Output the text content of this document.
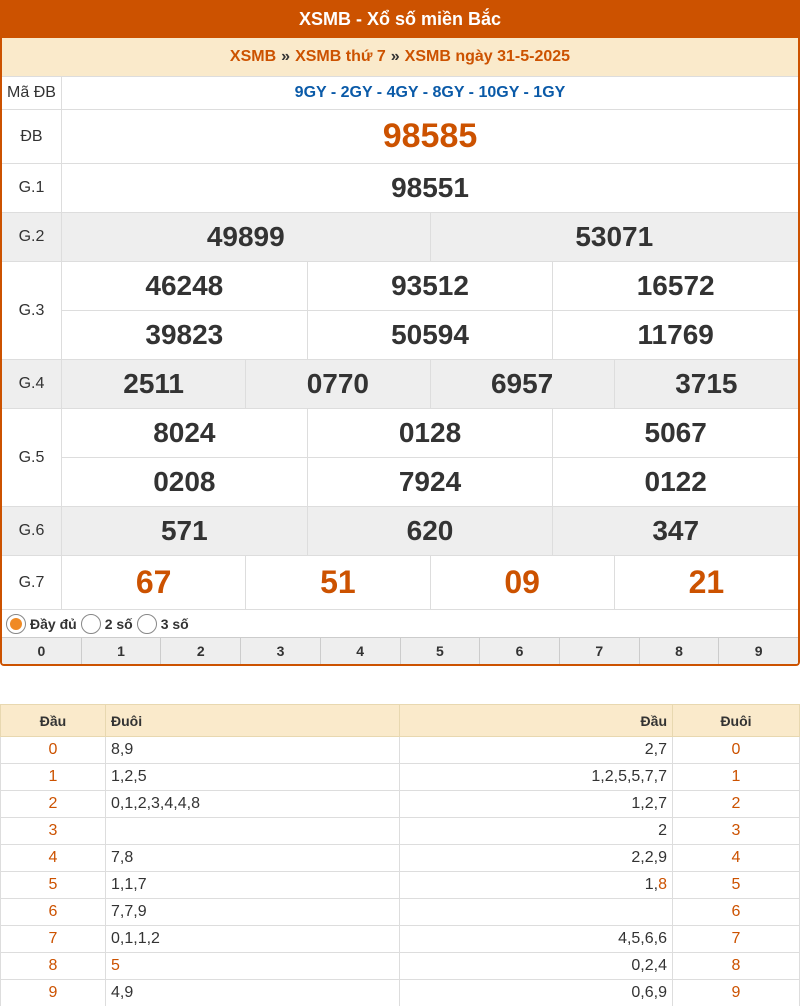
XSMB - Xổ số miền Bắc
XSMB » XSMB thứ 7 » XSMB ngày 31-5-2025
Mã ĐB	9GY - 2GY - 4GY - 8GY - 10GY - 1GY
ĐB	98585
G.1	98551
G.2	49899	53071
G.3
46248	93512	16572
39823	50594	11769
G.4	2511	0770	6957	3715
G.5
8024	0128	5067
0208	7924	0122
G.6	571	620	347
G.7	67	51	09	21
Đầy đủ 2 số 3 số
0	1	2	3	4	5	6	7	8	9
Đầu	Đuôi	Đầu	Đuôi
0	8,9	2,7	0
1	1,2,5	1,2,5,5,7,7	1
2	0,1,2,3,4,4,8	1,2,7	2
3		2	3
4	7,8	2,2,9	4
5	1,1,7	1,8	5
6	7,7,9		6
7	0,1,1,2	4,5,6,6	7
8	5	0,2,4	8
9	4,9	0,6,9	9
